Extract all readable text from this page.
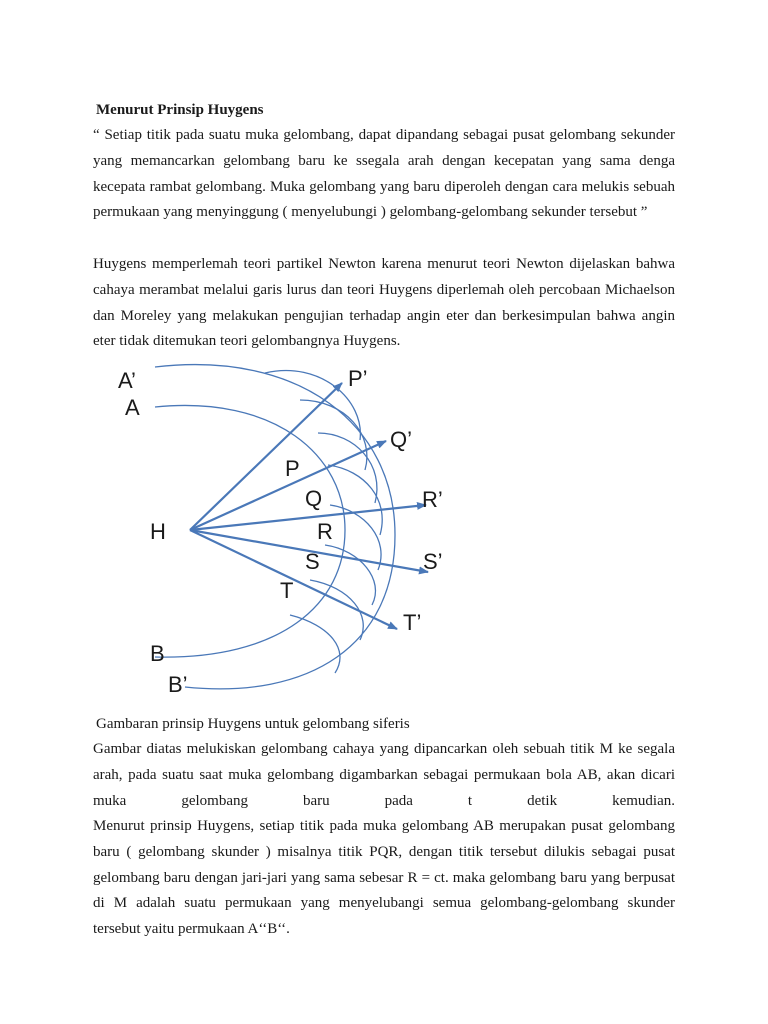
Menurut Prinsip Huygens
“ Setiap titik pada suatu muka gelombang, dapat dipandang sebagai pusat gelombang sekunder yang memancarkan gelombang baru ke ssegala arah dengan kecepatan yang sama denga kecepata rambat gelombang. Muka gelombang yang baru diperoleh dengan cara melukis sebuah permukaan yang menyinggung ( menyelubungi ) gelombang-gelombang sekunder tersebut ”
Huygens memperlemah teori partikel Newton karena menurut teori Newton dijelaskan bahwa cahaya merambat melalui garis lurus dan teori Huygens diperlemah oleh percobaan Michaelson dan Moreley yang melakukan pengujian terhadap angin eter dan berkesimpulan bahwa angin eter tidak ditemukan teori gelombangnya Huygens.
A’
A
P’
Q’
R’
S’
T’
P
Q
R
S
T
H
B
B’
Gambaran prinsip Huygens untuk gelombang siferis
Gambar diatas melukiskan gelombang cahaya yang dipancarkan oleh sebuah titik M ke segala arah, pada suatu saat muka gelombang digambarkan sebagai permukaan bola AB, akan dicari muka gelombang baru pada t detik kemudian.
Menurut prinsip Huygens, setiap titik pada muka gelombang AB merupakan pusat gelombang baru ( gelombang skunder ) misalnya titik PQR, dengan titik tersebut dilukis sebagai pusat gelombang baru dengan jari-jari yang sama sebesar R = ct. maka gelombang baru yang berpusat di M adalah suatu permukaan yang menyelubangi semua gelombang-gelombang skunder tersebut yaitu permukaan A‘‘B‘‘.
